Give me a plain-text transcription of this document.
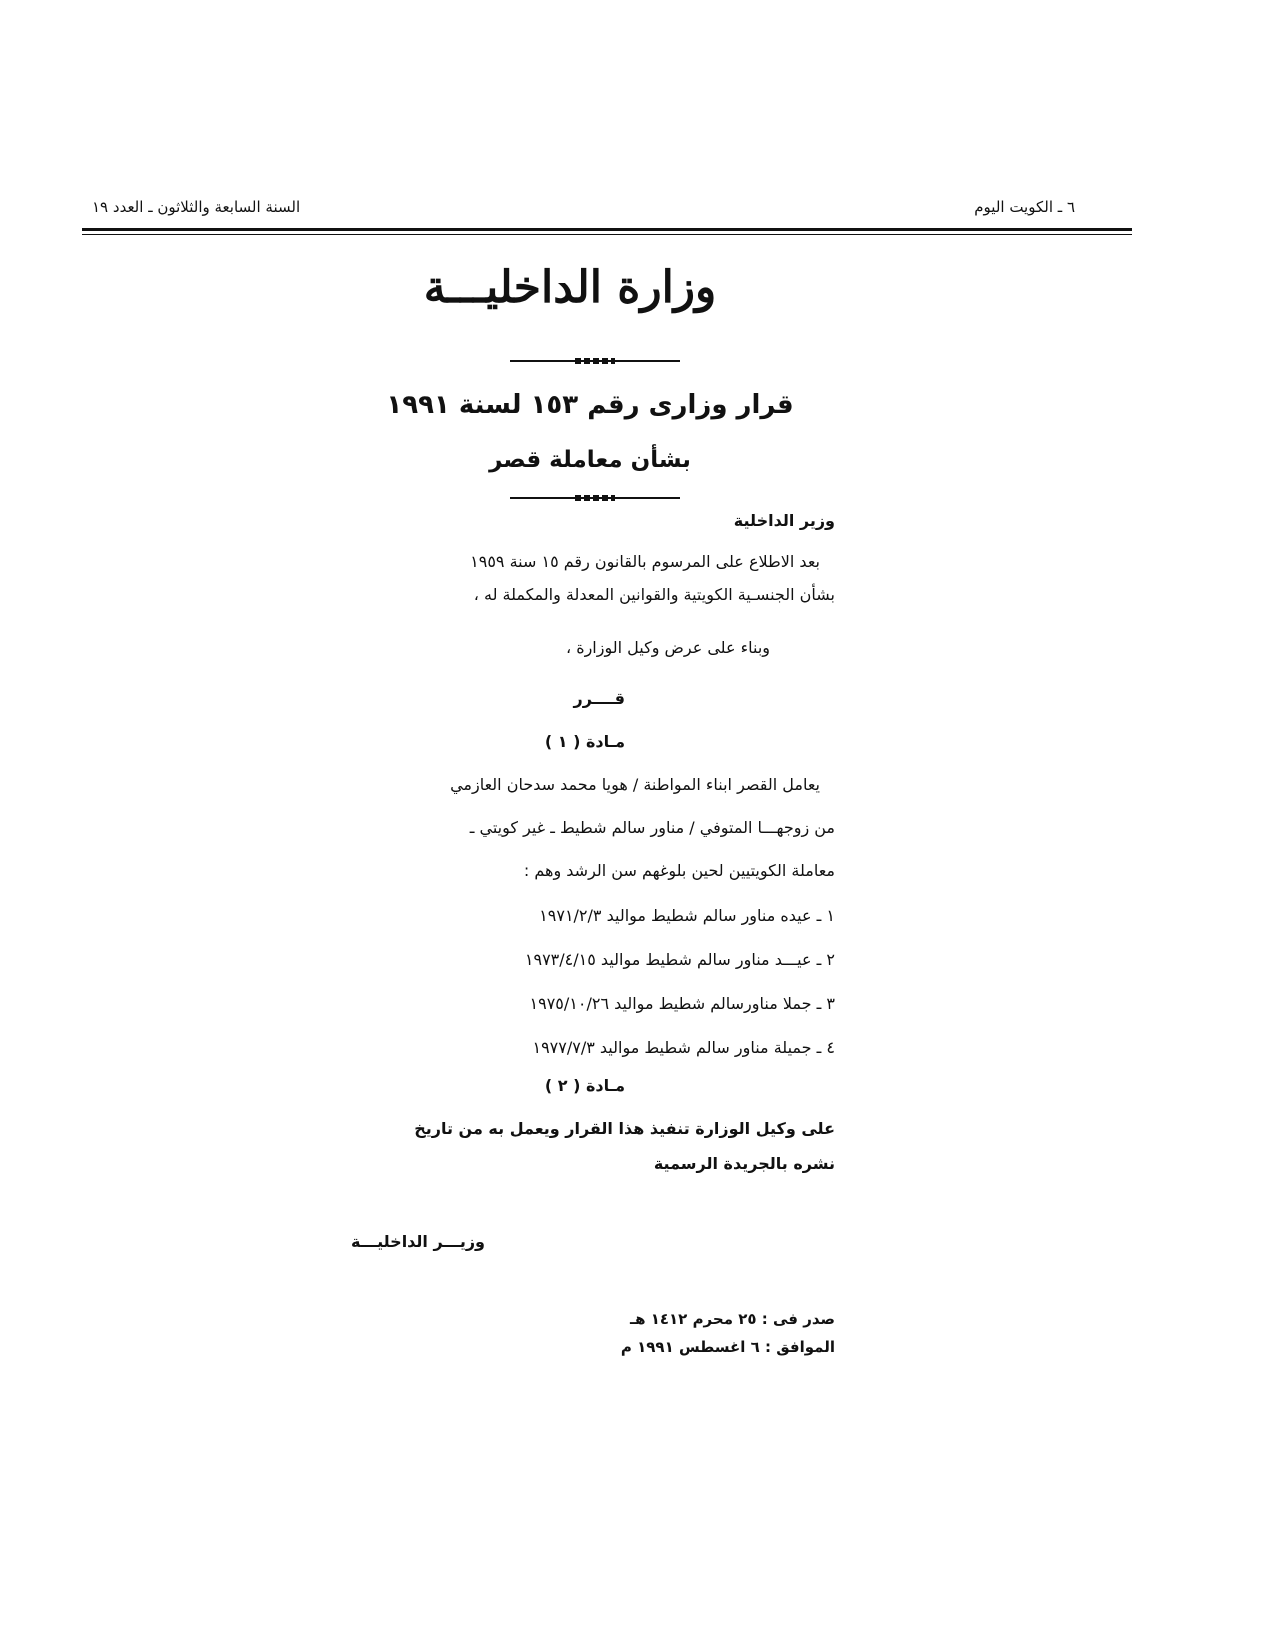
٦ ـ الكويت اليوم
السنة السابعة والثلاثون ـ العدد ١٩
وزارة الداخليـــة
قرار وزارى رقم ١٥٣ لسنة ١٩٩١
بشأن معاملة قصر
وزير الداخلية
بعد الاطلاع على المرسوم بالقانون رقم ١٥ سنة ١٩٥٩
بشأن الجنسـية الكويتية والقوانين المعدلة والمكملة له ،
وبناء على عرض وكيل الوزارة ،
قــــرر
مـادة ( ١ )
يعامل القصر ابناء المواطنة / هويا محمد سدحان العازمي
من زوجهـــا المتوفي / مناور سالم شطيط ـ غير كويتي ـ
معاملة الكويتيين لحين بلوغهم سن الرشد وهم :
١ ـ عيده مناور سالم شطيط مواليد ١٩٧١/٢/٣
٢ ـ عيـــد مناور سالم شطيط مواليد ١٩٧٣/٤/١٥
٣ ـ جملا مناورسالم شطيط مواليد ١٩٧٥/١٠/٢٦
٤ ـ جميلة مناور سالم شطيط مواليد ١٩٧٧/٧/٣
مـادة ( ٢ )
على وكيل الوزارة تنفيذ هذا القرار ويعمل به من تاريخ
نشره بالجريدة الرسمية
وزيـــر الداخليـــة
صدر فى : ٢٥ محرم ١٤١٢ هـ
الموافق : ٦ اغسطس ١٩٩١ م
